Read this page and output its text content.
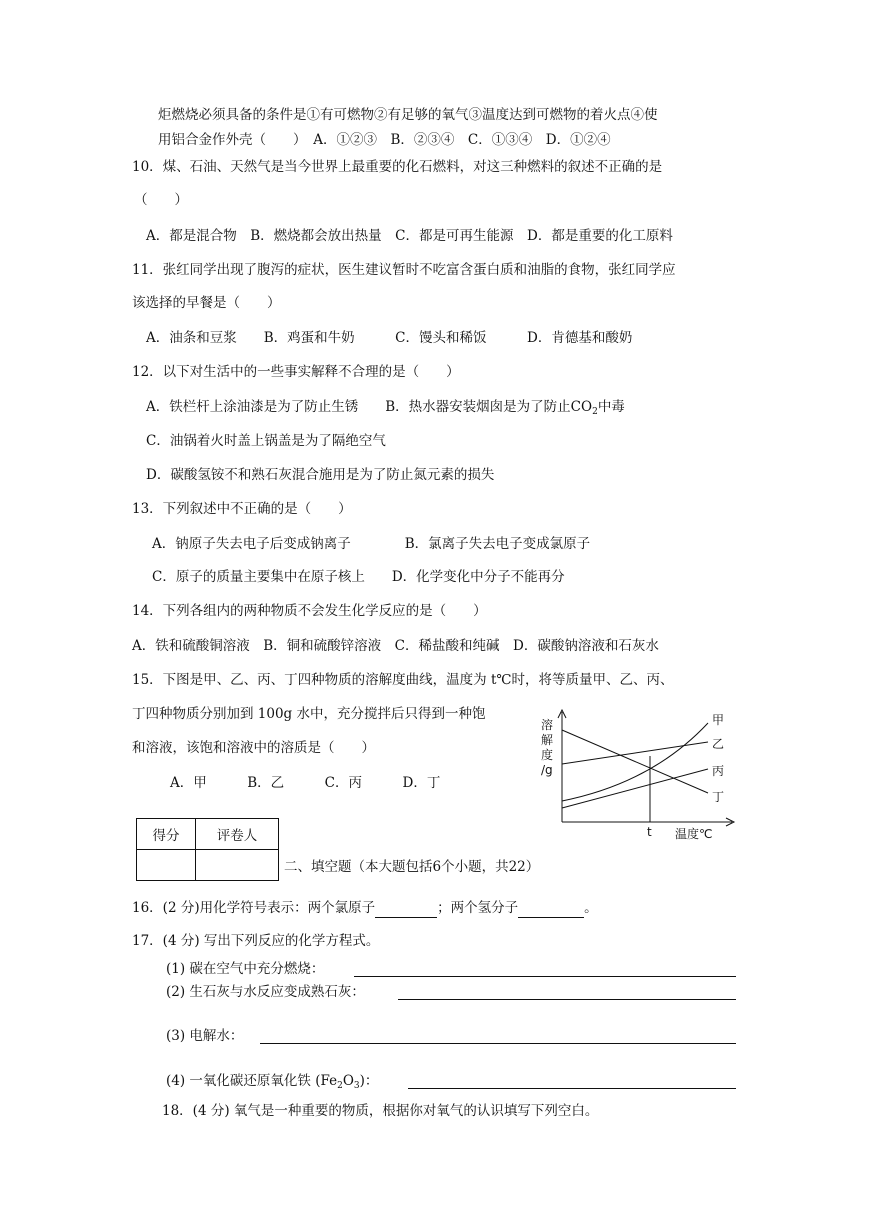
炬燃烧必须具备的条件是①有可燃物②有足够的氧气③温度达到可燃物的着火点④使
用铝合金作外壳（　　）　A．①②③　B．②③④　C．①③④　D．①②④
10．煤、石油、天然气是当今世界上最重要的化石燃料，对这三种燃料的叙述不正确的是
（　　）
A．都是混合物　B．燃烧都会放出热量　C．都是可再生能源　D．都是重要的化工原料
11．张红同学出现了腹泻的症状，医生建议暂时不吃富含蛋白质和油脂的食物，张红同学应
该选择的早餐是（　　）
A．油条和豆浆　　B．鸡蛋和牛奶　　　C．馒头和稀饭　　　D．肯德基和酸奶
12．以下对生活中的一些事实解释不合理的是（　　）
A．铁栏杆上涂油漆是为了防止生锈　　B．热水器安装烟囱是为了防止$CO_2$中毒
C．油锅着火时盖上锅盖是为了隔绝空气
D．碳酸氢铵不和熟石灰混合施用是为了防止氮元素的损失
13．下列叙述中不正确的是（　　）
A．钠原子失去电子后变成钠离子　　　　B．氯离子失去电子变成氯原子
C．原子的质量主要集中在原子核上　　D．化学变化中分子不能再分
14．下列各组内的两种物质不会发生化学反应的是（　　）
A．铁和硫酸铜溶液　B．铜和硫酸锌溶液　C．稀盐酸和纯碱　D．碳酸钠溶液和石灰水
15．下图是甲、乙、丙、丁四种物质的溶解度曲线，温度为 t℃时，将等质量甲、乙、丙、
丁四种物质分别加到 100g 水中，充分搅拌后只得到一种饱
和溶液，该饱和溶液中的溶质是（　　）
A．甲　　　B．乙　　　C．丙　　　D．丁
溶
解
度
/g
甲
乙
丙
丁
t 温度℃
得分	评卷人

二、填空题（本大题包括6个小题，共22）
16．(2 分)用化学符号表示：两个氯原子	；两个氢分子	。
17．(4 分) 写出下列反应的化学方程式。
(1) 碳在空气中充分燃烧：
(2) 生石灰与水反应变成熟石灰：
(3) 电解水：
(4) 一氧化碳还原氧化铁 $(Fe_2O_3)$：
18．(4 分) 氧气是一种重要的物质，根据你对氧气的认识填写下列空白。
